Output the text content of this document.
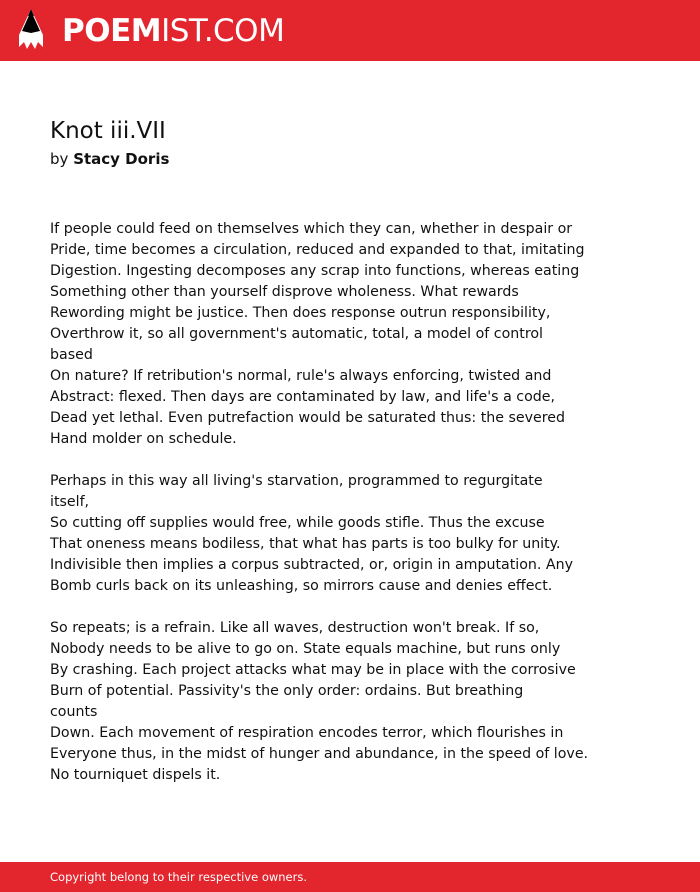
POEMIST.COM
Knot iii.VII
by Stacy Doris
If people could feed on themselves which they can, whether in despair or
Pride, time becomes a circulation, reduced and expanded to that, imitating
Digestion. Ingesting decomposes any scrap into functions, whereas eating
Something other than yourself disprove wholeness. What rewards
Rewording might be justice. Then does response outrun responsibility,
Overthrow it, so all government's automatic, total, a model of control
based
On nature? If retribution's normal, rule's always enforcing, twisted and
Abstract: flexed. Then days are contaminated by law, and life's a code,
Dead yet lethal. Even putrefaction would be saturated thus: the severed
Hand molder on schedule.
Perhaps in this way all living's starvation, programmed to regurgitate
itself,
So cutting off supplies would free, while goods stifle. Thus the excuse
That oneness means bodiless, that what has parts is too bulky for unity.
Indivisible then implies a corpus subtracted, or, origin in amputation. Any
Bomb curls back on its unleashing, so mirrors cause and denies effect.
So repeats; is a refrain. Like all waves, destruction won't break. If so,
Nobody needs to be alive to go on. State equals machine, but runs only
By crashing. Each project attacks what may be in place with the corrosive
Burn of potential. Passivity's the only order: ordains. But breathing
counts
Down. Each movement of respiration encodes terror, which flourishes in
Everyone thus, in the midst of hunger and abundance, in the speed of love.
No tourniquet dispels it.
Copyright belong to their respective owners.
